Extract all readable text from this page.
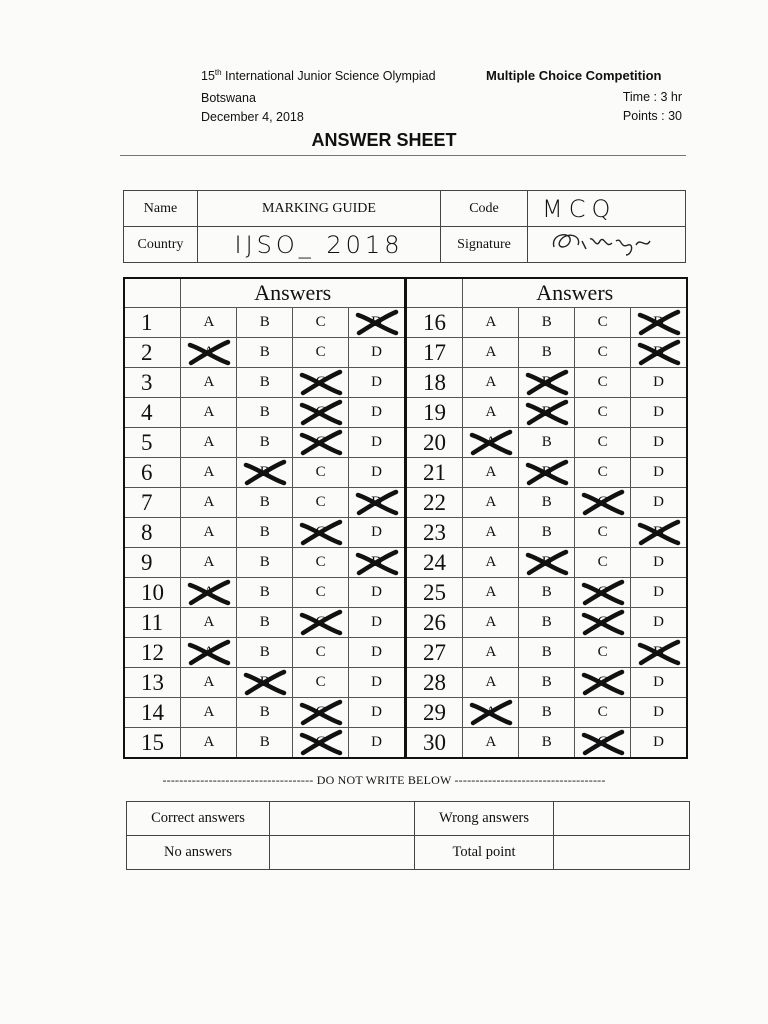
15th International Junior Science Olympiad
Botswana
December 4, 2018
Multiple Choice Competition
Time : 3 hr
Points : 30
ANSWER SHEET
Name	MARKING GUIDE	Code	MCQ
Country	IJSO_ 2018	Signature	
	Answers					Answers			
1	A	B	C	D	16	A	B	C	D

2	A	B	C	D	17	A	B	C	D

3	A	B	C	D	18	A	B	C	D
4	A	B	C	D	19	A	B	C	D
5	A	B	C	D	20	A	B	C	D
6	A	B	C	D	21	A	B	C	D
7	A	B	C	D	22	A	B	C	D
8	A	B	C	D	23	A	B	C	D

9	A	B	C	D	24	A	B	C	D
10	A	B	C	D	25	A	B	C	D
11	A	B	C	D	26	A	B	C	D
12	A	B	C	D	27	A	B	C	D

13	A	B	C	D	28	A	B	C	D
14	A	B	C	D	29	A	B	C	D
15	A	B	C	D	30	A	B	C	D
------------------------------------ DO NOT WRITE BELOW ------------------------------------
Correct answers		Wrong answers	
No answers		Total point	
